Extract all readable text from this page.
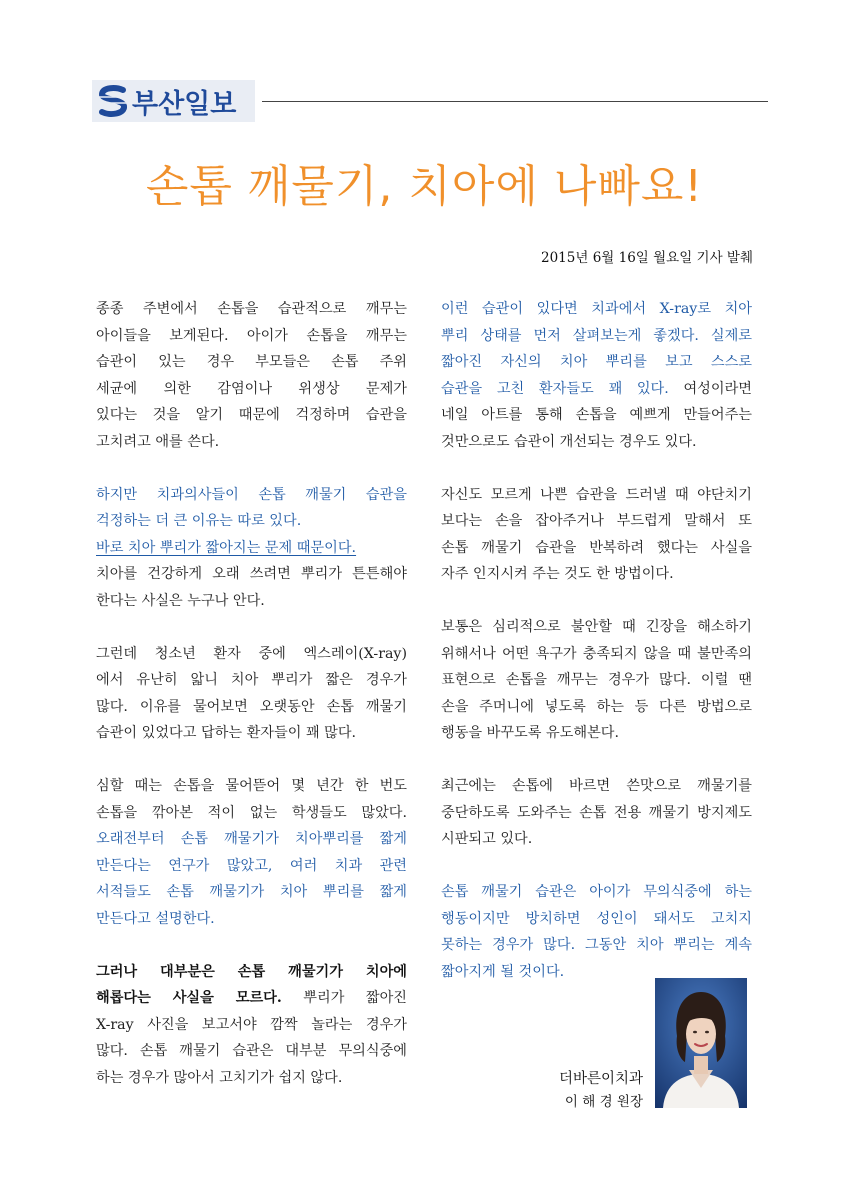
부산일보
손톱 깨물기, 치아에 나빠요!
2015년 6월 16일 월요일 기사 발췌

종종 주변에서 손톱을 습관적으로 깨무는
아이들을 보게된다. 아이가 손톱을 깨무는
습관이 있는 경우 부모들은 손톱 주위
세균에 의한 감염이나 위생상 문제가
있다는 것을 알기 때문에 걱정하며 습관을
고치려고 애를 쓴다.

하지만 치과의사들이 손톱 깨물기 습관을
걱정하는 더 큰 이유는 따로 있다.
바로 치아 뿌리가 짧아지는 문제 때문이다.
치아를 건강하게 오래 쓰려면 뿌리가 튼튼해야
한다는 사실은 누구나 안다.

그런데 청소년 환자 중에 엑스레이(X-ray)
에서 유난히 앏니 치아 뿌리가 짧은 경우가
많다. 이유를 물어보면 오랫동안 손톱 깨물기
습관이 있었다고 답하는 환자들이 꽤 많다.

심할 때는 손톱을 물어뜯어 몇 년간 한 번도
손톱을 깎아본 적이 없는 학생들도 많았다.
오래전부터 손톱 깨물기가 치아뿌리를 짧게
만든다는 연구가 많았고, 여러 치과 관련
서적들도 손톱 깨물기가 치아 뿌리를 짧게
만든다고 설명한다.

그러나 대부분은 손톱 깨물기가 치아에
해롭다는 사실을 모르다. 뿌리가 짧아진
X-ray 사진을 보고서야 깜짝 놀라는 경우가
많다. 손톱 깨물기 습관은 대부분 무의식중에
하는 경우가 많아서 고치기가 쉽지 않다.

이런 습관이 있다면 치과에서 X-ray로 치아
뿌리 상태를 먼저 살펴보는게 좋겠다. 실제로
짧아진 자신의 치아 뿌리를 보고 스스로
습관을 고친 환자들도 꽤 있다. 여성이라면
네일 아트를 통해 손톱을 예쁘게 만들어주는
것만으로도 습관이 개선되는 경우도 있다.

자신도 모르게 나쁜 습관을 드러낼 때 야단치기
보다는 손을 잡아주거나 부드럽게 말해서 또
손톱 깨물기 습관을 반복하려 했다는 사실을
자주 인지시켜 주는 것도 한 방법이다.

보통은 심리적으로 불안할 때 긴장을 해소하기
위해서나 어떤 욕구가 충족되지 않을 때 불만족의
표현으로 손톱을 깨무는 경우가 많다. 이럴 땐
손을 주머니에 넣도록 하는 등 다른 방법으로
행동을 바꾸도록 유도해본다.

최근에는 손톱에 바르면 쓴맛으로 깨물기를
중단하도록 도와주는 손톱 전용 깨물기 방지제도
시판되고 있다.

손톱 깨물기 습관은 아이가 무의식중에 하는
행동이지만 방치하면 성인이 돼서도 고치지
못하는 경우가 많다. 그동안 치아 뿌리는 계속
짧아지게 될 것이다.

더바른이치과
이 해 경 원장
